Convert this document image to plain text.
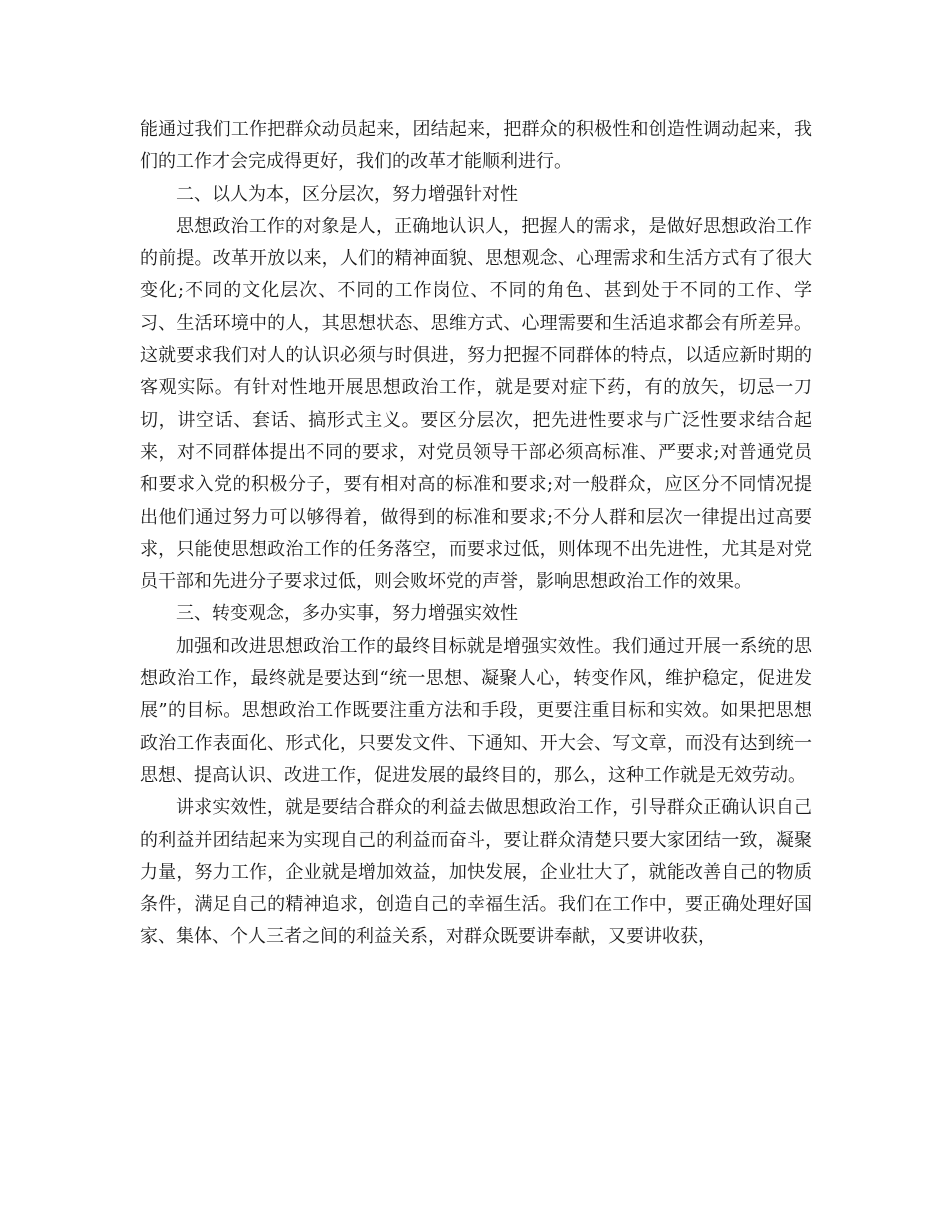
能通过我们工作把群众动员起来，团结起来，把群众的积极性和创造性调动起来，我们的工作才会完成得更好，我们的改革才能顺利进行。

二、以人为本，区分层次，努力增强针对性

思想政治工作的对象是人，正确地认识人，把握人的需求，是做好思想政治工作的前提。改革开放以来，人们的精神面貌、思想观念、心理需求和生活方式有了很大变化;不同的文化层次、不同的工作岗位、不同的角色、甚到处于不同的工作、学习、生活环境中的人，其思想状态、思维方式、心理需要和生活追求都会有所差异。这就要求我们对人的认识必须与时俱进，努力把握不同群体的特点，以适应新时期的客观实际。有针对性地开展思想政治工作，就是要对症下药，有的放矢，切忌一刀切，讲空话、套话、搞形式主义。要区分层次，把先进性要求与广泛性要求结合起来，对不同群体提出不同的要求，对党员领导干部必须高标准、严要求;对普通党员和要求入党的积极分子，要有相对高的标准和要求;对一般群众，应区分不同情况提出他们通过努力可以够得着，做得到的标准和要求;不分人群和层次一律提出过高要求，只能使思想政治工作的任务落空，而要求过低，则体现不出先进性，尤其是对党员干部和先进分子要求过低，则会败坏党的声誉，影响思想政治工作的效果。

三、转变观念，多办实事，努力增强实效性

加强和改进思想政治工作的最终目标就是增强实效性。我们通过开展一系统的思想政治工作，最终就是要达到“统一思想、凝聚人心，转变作风，维护稳定，促进发展”的目标。思想政治工作既要注重方法和手段，更要注重目标和实效。如果把思想政治工作表面化、形式化，只要发文件、下通知、开大会、写文章，而没有达到统一思想、提高认识、改进工作，促进发展的最终目的，那么，这种工作就是无效劳动。

讲求实效性，就是要结合群众的利益去做思想政治工作，引导群众正确认识自己的利益并团结起来为实现自己的利益而奋斗，要让群众清楚只要大家团结一致，凝聚力量，努力工作，企业就是增加效益，加快发展，企业壮大了，就能改善自己的物质条件，满足自己的精神追求，创造自己的幸福生活。我们在工作中，要正确处理好国家、集体、个人三者之间的利益关系，对群众既要讲奉献，又要讲收获，
